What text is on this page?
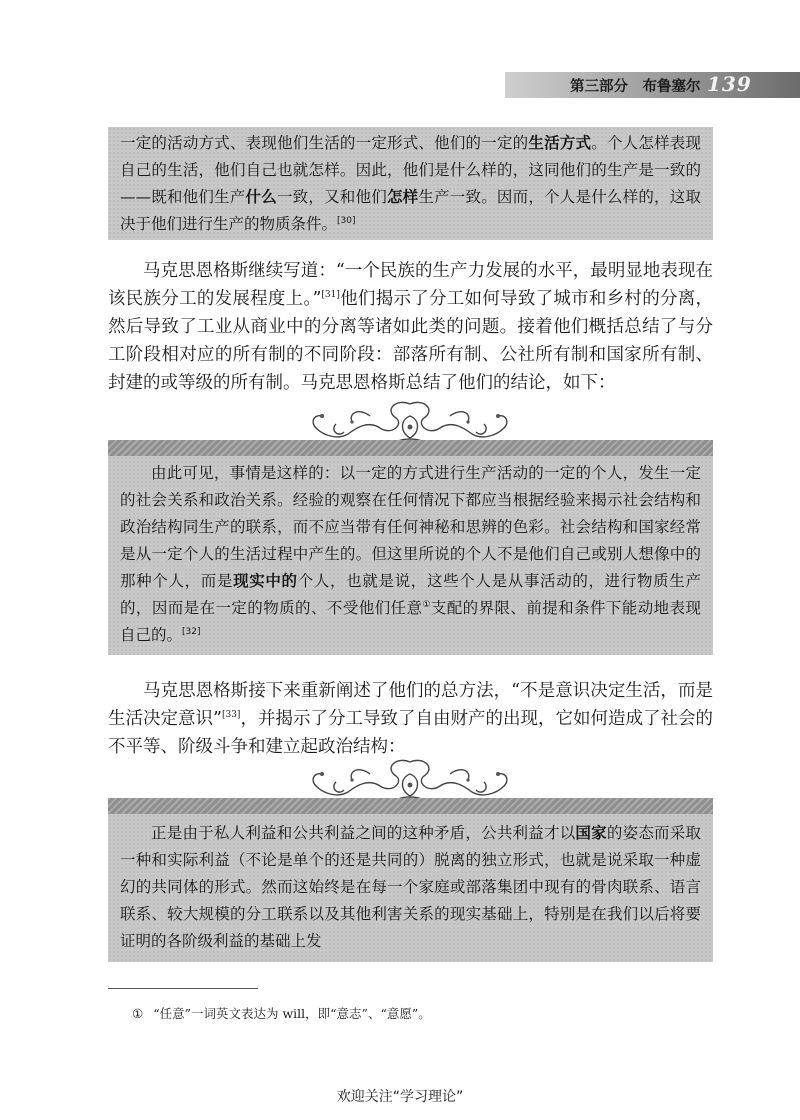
第三部分　布鲁塞尔 139

一定的活动方式、表现他们生活的一定形式、他们的一定的生活方式。个人怎样表现自己的生活，他们自己也就怎样。因此，他们是什么样的，这同他们的生产是一致的——既和他们生产什么一致，又和他们怎样生产一致。因而，个人是什么样的，这取决于他们进行生产的物质条件。[30]

马克思恩格斯继续写道：“一个民族的生产力发展的水平，最明显地表现在该民族分工的发展程度上。”[31]他们揭示了分工如何导致了城市和乡村的分离，然后导致了工业从商业中的分离等诸如此类的问题。接着他们概括总结了与分工阶段相对应的所有制的不同阶段：部落所有制、公社所有制和国家所有制、封建的或等级的所有制。马克思恩格斯总结了他们的结论，如下：

由此可见，事情是这样的：以一定的方式进行生产活动的一定的个人，发生一定的社会关系和政治关系。经验的观察在任何情况下都应当根据经验来揭示社会结构和政治结构同生产的联系，而不应当带有任何神秘和思辨的色彩。社会结构和国家经常是从一定个人的生活过程中产生的。但这里所说的个人不是他们自己或别人想像中的那种个人，而是现实中的个人，也就是说，这些个人是从事活动的，进行物质生产的，因而是在一定的物质的、不受他们任意①支配的界限、前提和条件下能动地表现自己的。[32]

马克思恩格斯接下来重新阐述了他们的总方法，“不是意识决定生活，而是生活决定意识”[33]，并揭示了分工导致了自由财产的出现，它如何造成了社会的不平等、阶级斗争和建立起政治结构：

正是由于私人利益和公共利益之间的这种矛盾，公共利益才以国家的姿态而采取一种和实际利益（不论是单个的还是共同的）脱离的独立形式，也就是说采取一种虚幻的共同体的形式。然而这始终是在每一个家庭或部落集团中现有的骨肉联系、语言联系、较大规模的分工联系以及其他利害关系的现实基础上，特别是在我们以后将要证明的各阶级利益的基础上发

① “任意”一词英文表达为 will，即“意志”、“意愿”。
欢迎关注“学习理论”
